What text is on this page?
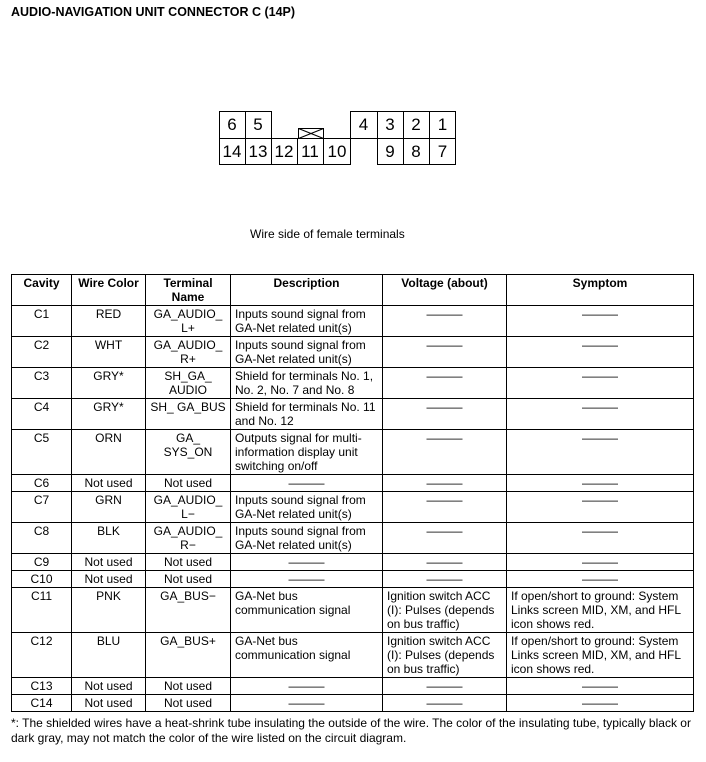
AUDIO-NAVIGATION UNIT CONNECTOR C (14P)
6 5	4	3 2	1
14 13 12 11 10	9 8	7
Wire side of female terminals
Cavity	Wire Color	Terminal Name	Description	Voltage (about)	Symptom
C1	RED	GA_AUDIO_ L+	Inputs sound signal from GA-Net related unit(s)	———	———
C2	WHT	GA_AUDIO_ R+	Inputs sound signal from GA-Net related unit(s)	———	———
C3	GRY*	SH_GA_ AUDIO	Shield for terminals No. 1, No. 2, No. 7 and No. 8	———	———
C4	GRY*	SH_ GA_BUS	Shield for terminals No. 11 and No. 12	———	———
C5	ORN	GA_ SYS_ON	Outputs signal for multi-information display unit switching on/off	———	———
C6	Not used	Not used	———	———	———
C7	GRN	GA_AUDIO_ L−	Inputs sound signal from GA-Net related unit(s)	———	———
C8	BLK	GA_AUDIO_ R−	Inputs sound signal from GA-Net related unit(s)	———	———
C9	Not used	Not used	———	———	———
C10	Not used	Not used	———	———	———
C11	PNK	GA_BUS−	GA-Net bus communication signal	Ignition switch ACC (I): Pulses (depends on bus traffic)	If open/short to ground: System Links screen MID, XM, and HFL icon shows red.
C12	BLU	GA_BUS+	GA-Net bus communication signal	Ignition switch ACC (I): Pulses (depends on bus traffic)	If open/short to ground: System Links screen MID, XM, and HFL icon shows red.
C13	Not used	Not used	———	———	———
C14	Not used	Not used	———	———	———
*: The shielded wires have a heat-shrink tube insulating the outside of the wire. The color of the insulating tube, typically black or dark gray, may not match the color of the wire listed on the circuit diagram.
